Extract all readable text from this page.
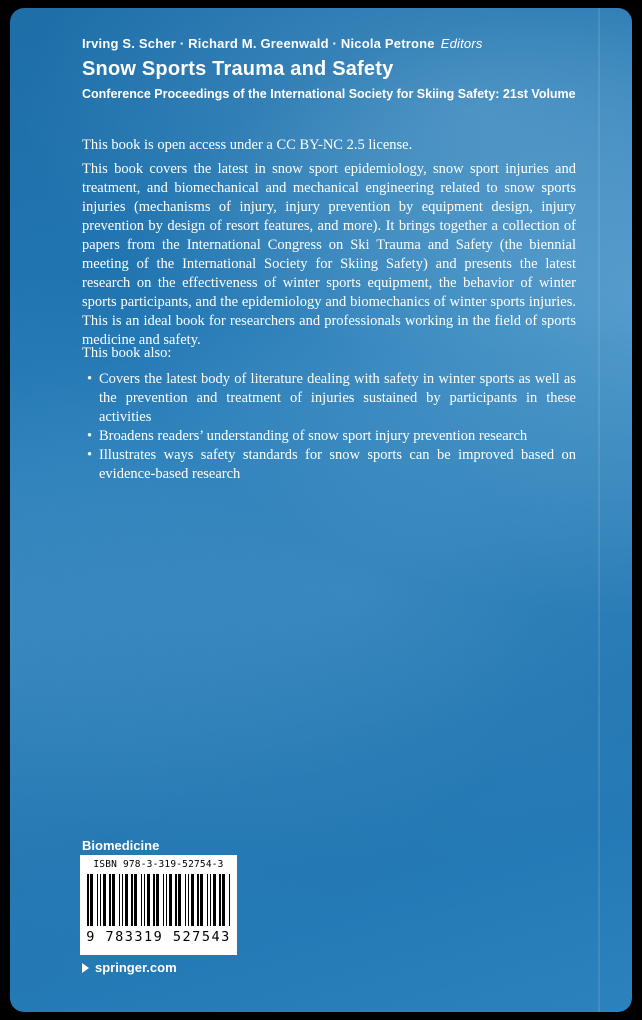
Irving S. Scher · Richard M. Greenwald · Nicola Petrone Editors
Snow Sports Trauma and Safety
Conference Proceedings of the International Society for Skiing Safety: 21st Volume
This book is open access under a CC BY-NC 2.5 license.
This book covers the latest in snow sport epidemiology, snow sport injuries and treatment, and biomechanical and mechanical engineering related to snow sports injuries (mechanisms of injury, injury prevention by equipment design, injury prevention by design of resort features, and more). It brings together a collection of papers from the International Congress on Ski Trauma and Safety (the biennial meeting of the International Society for Skiing Safety) and presents the latest research on the effectiveness of winter sports equipment, the behavior of winter sports participants, and the epidemiology and biomechanics of winter sports injuries. This is an ideal book for researchers and professionals working in the field of sports medicine and safety.
This book also:
• Covers the latest body of literature dealing with safety in winter sports as well as the prevention and treatment of injuries sustained by participants in these activities
• Broadens readers’ understanding of snow sport injury prevention research
• Illustrates ways safety standards for snow sports can be improved based on evidence-based research
Biomedicine
ISBN 978-3-319-52754-3
9 783319 527543
springer.com
